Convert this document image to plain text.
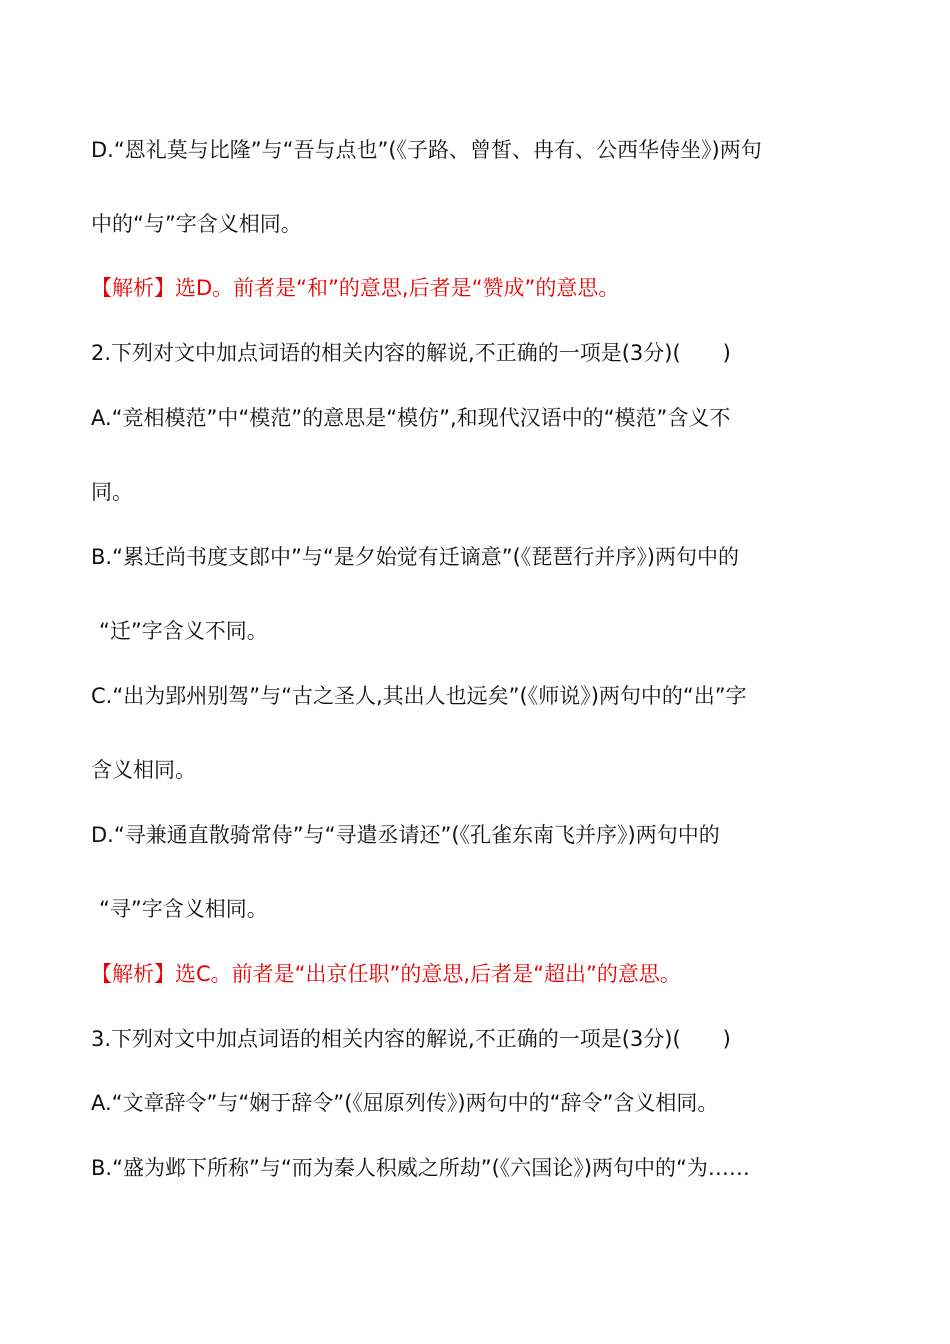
D.“恩礼莫与比隆”与“吾与点也”(《子路、曾皙、冉有、公西华侍坐》)两句
中的“与”字含义相同。
【解析】选D。前者是“和”的意思,后者是“赞成”的意思。
2.下列对文中加点词语的相关内容的解说,不正确的一项是(3分)(　　)
A.“竞相模范”中“模范”的意思是“模仿”,和现代汉语中的“模范”含义不
同。
B.“累迁尚书度支郎中”与“是夕始觉有迁谪意”(《琵琶行并序》)两句中的
“迁”字含义不同。
C.“出为郢州别驾”与“古之圣人,其出人也远矣”(《师说》)两句中的“出”字
含义相同。
D.“寻兼通直散骑常侍”与“寻遣丞请还”(《孔雀东南飞并序》)两句中的
“寻”字含义相同。
【解析】选C。前者是“出京任职”的意思,后者是“超出”的意思。
3.下列对文中加点词语的相关内容的解说,不正确的一项是(3分)(　　)
A.“文章辞令”与“娴于辞令”(《屈原列传》)两句中的“辞令”含义相同。
B.“盛为邺下所称”与“而为秦人积威之所劫”(《六国论》)两句中的“为……
